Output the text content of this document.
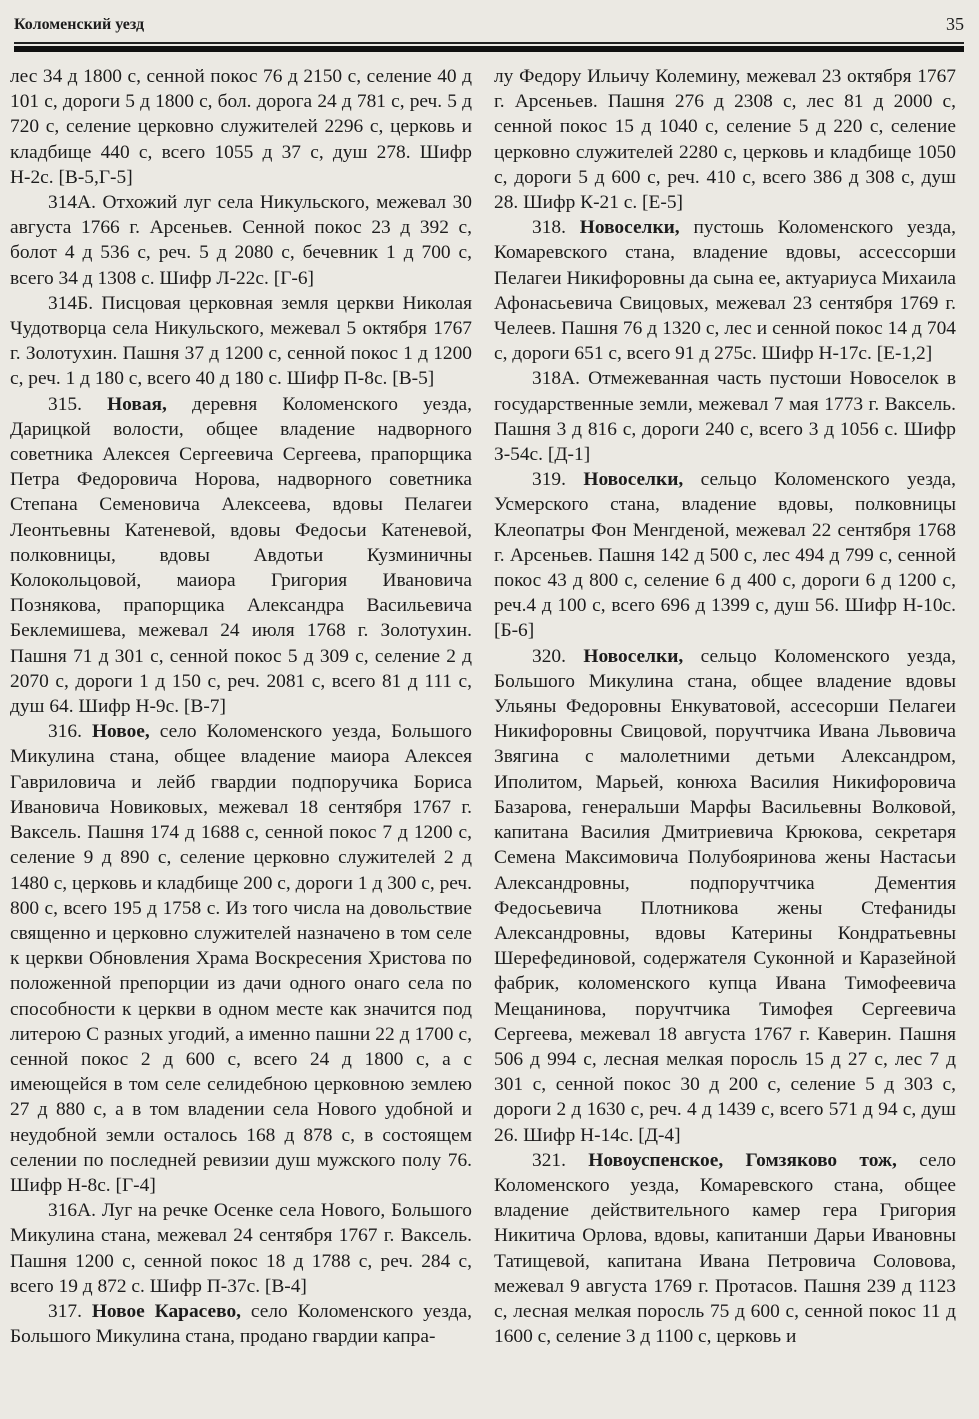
Коломенский уезд	35

лес 34 д 1800 с, сенной покос 76 д 2150 с, селение 40 д 101 с, дороги 5 д 1800 с, бол. дорога 24 д 781 с, реч. 5 д 720 с, селение церковно служителей 2296 с, церковь и кладбище 440 с, всего 1055 д 37 с, душ 278. Шифр Н-2с. [В-5,Г-5]

314А. Отхожий луг села Никульского, межевал 30 августа 1766 г. Арсеньев. Сенной покос 23 д 392 с, болот 4 д 536 с, реч. 5 д 2080 с, бечевник 1 д 700 с, всего 34 д 1308 с. Шифр Л-22с. [Г-6]

314Б. Писцовая церковная земля церкви Николая Чудотворца села Никульского, межевал 5 октября 1767 г. Золотухин. Пашня 37 д 1200 с, сенной покос 1 д 1200 с, реч. 1 д 180 с, всего 40 д 180 с. Шифр П-8с. [В-5]

315. Новая, деревня Коломенского уезда, Дарицкой волости, общее владение надворного советника Алексея Сергеевича Сергеева, прапорщика Петра Федоровича Норова, надворного советника Степана Семеновича Алексеева, вдовы Пелагеи Леонтьевны Катеневой, вдовы Федосьи Катеневой, полковницы, вдовы Авдотьи Кузминичны Колокольцовой, маиора Григория Ивановича Познякова, прапорщика Александра Васильевича Беклемишева, межевал 24 июля 1768 г. Золотухин. Пашня 71 д 301 с, сенной покос 5 д 309 с, селение 2 д 2070 с, дороги 1 д 150 с, реч. 2081 с, всего 81 д 111 с, душ 64. Шифр Н-9с. [В-7]

316. Новое, село Коломенского уезда, Большого Микулина стана, общее владение маиора Алексея Гавриловича и лейб гвардии подпоручика Бориса Ивановича Новиковых, межевал 18 сентября 1767 г. Ваксель. Пашня 174 д 1688 с, сенной покос 7 д 1200 с, селение 9 д 890 с, селение церковно служителей 2 д 1480 с, церковь и кладбище 200 с, дороги 1 д 300 с, реч. 800 с, всего 195 д 1758 с. Из того числа на довольствие священно и церковно служителей назначено в том селе к церкви Обновления Храма Воскресения Христова по положенной препорции из дачи одного онаго села по способности к церкви в одном месте как значится под литерою С разных угодий, а именно пашни 22 д 1700 с, сенной покос 2 д 600 с, всего 24 д 1800 с, а с имеющейся в том селе селидебною церковною землею 27 д 880 с, а в том владении села Нового удобной и неудобной земли осталось 168 д 878 с, в состоящем селении по последней ревизии душ мужского полу 76. Шифр Н-8с. [Г-4]

316А. Луг на речке Осенке села Нового, Большого Микулина стана, межевал 24 сентября 1767 г. Ваксель. Пашня 1200 с, сенной покос 18 д 1788 с, реч. 284 с, всего 19 д 872 с. Шифр П-37с. [В-4]

317. Новое Карасево, село Коломенского уезда, Большого Микулина стана, продано гвардии капра-

лу Федору Ильичу Колемину, межевал 23 октября 1767 г. Арсеньев. Пашня 276 д 2308 с, лес 81 д 2000 с, сенной покос 15 д 1040 с, селение 5 д 220 с, селение церковно служителей 2280 с, церковь и кладбище 1050 с, дороги 5 д 600 с, реч. 410 с, всего 386 д 308 с, душ 28. Шифр К-21 с. [Е-5]

318. Новоселки, пустошь Коломенского уезда, Комаревского стана, владение вдовы, ассессорши Пелагеи Никифоровны да сына ее, актуариуса Михаила Афонасьевича Свицовых, межевал 23 сентября 1769 г. Челеев. Пашня 76 д 1320 с, лес и сенной покос 14 д 704 с, дороги 651 с, всего 91 д 275с. Шифр Н-17с. [Е-1,2]

318А. Отмежеванная часть пустоши Новоселок в государственные земли, межевал 7 мая 1773 г. Ваксель. Пашня 3 д 816 с, дороги 240 с, всего 3 д 1056 с. Шифр З-54с. [Д-1]

319. Новоселки, сельцо Коломенского уезда, Усмерского стана, владение вдовы, полковницы Клеопатры Фон Менгденой, межевал 22 сентября 1768 г. Арсеньев. Пашня 142 д 500 с, лес 494 д 799 с, сенной покос 43 д 800 с, селение 6 д 400 с, дороги 6 д 1200 с, реч.4 д 100 с, всего 696 д 1399 с, душ 56. Шифр Н-10с. [Б-6]

320. Новоселки, сельцо Коломенского уезда, Большого Микулина стана, общее владение вдовы Ульяны Федоровны Енкуватовой, ассесорши Пелагеи Никифоровны Свицовой, поручтчика Ивана Львовича Звягина с малолетними детьми Александром, Иполитом, Марьей, конюха Василия Никифоровича Базарова, генеральши Марфы Васильевны Волковой, капитана Василия Дмитриевича Крюкова, секретаря Семена Максимовича Полубояринова жены Настасьи Александровны, подпоручтчика Дементия Федосьевича Плотникова жены Стефаниды Александровны, вдовы Катерины Кондратьевны Шерефединовой, содержателя Суконной и Каразейной фабрик, коломенского купца Ивана Тимофеевича Мещанинова, поручтчика Тимофея Сергеевича Сергеева, межевал 18 августа 1767 г. Каверин. Пашня 506 д 994 с, лесная мелкая поросль 15 д 27 с, лес 7 д 301 с, сенной покос 30 д 200 с, селение 5 д 303 с, дороги 2 д 1630 с, реч. 4 д 1439 с, всего 571 д 94 с, душ 26. Шифр Н-14с. [Д-4]

321. Новоуспенское, Гомзяково тож, село Коломенского уезда, Комаревского стана, общее владение действительного камер гера Григория Никитича Орлова, вдовы, капитанши Дарьи Ивановны Татищевой, капитана Ивана Петровича Соловова, межевал 9 августа 1769 г. Протасов. Пашня 239 д 1123 с, лесная мелкая поросль 75 д 600 с, сенной покос 11 д 1600 с, селение 3 д 1100 с, церковь и
